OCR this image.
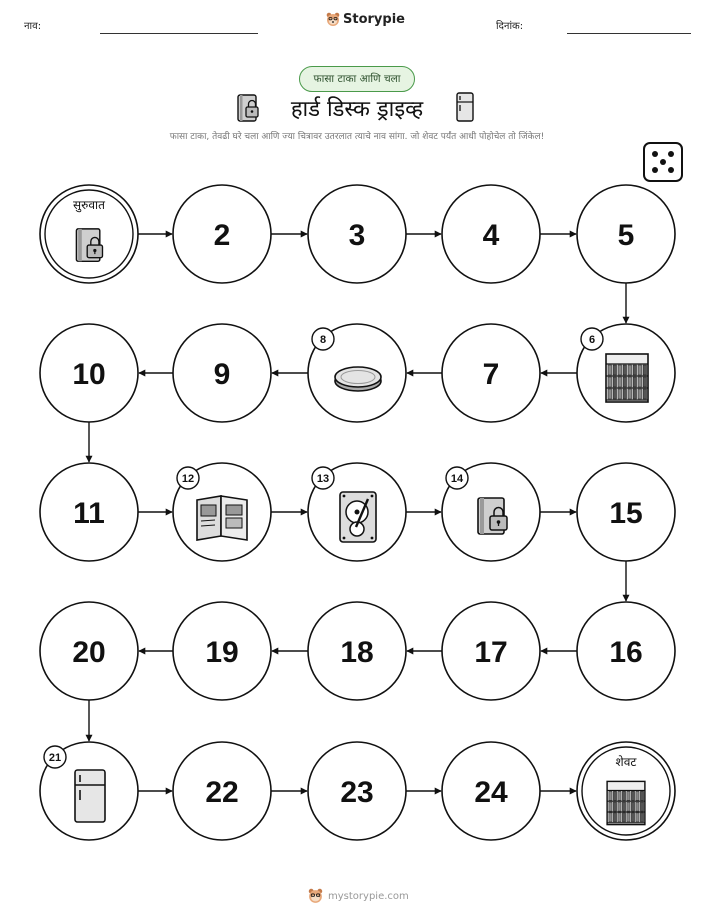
नाव:	Storypie	दिनांक:
फासा टाका आणि चला
हार्ड डिस्क ड्राइव्ह
फासा टाका, तेवढी घरे चला आणि ज्या चित्रावर उतरलात त्याचे नाव सांगा. जो शेवट पर्यंत आधी पोहोचेल तो जिंकेल!
सुरुवात
2	3	4	5
6
7
8
9
10
11
12	13	14
15
16
17
18
19
20
21
22	23	24
शेवट
mystorypie.com
